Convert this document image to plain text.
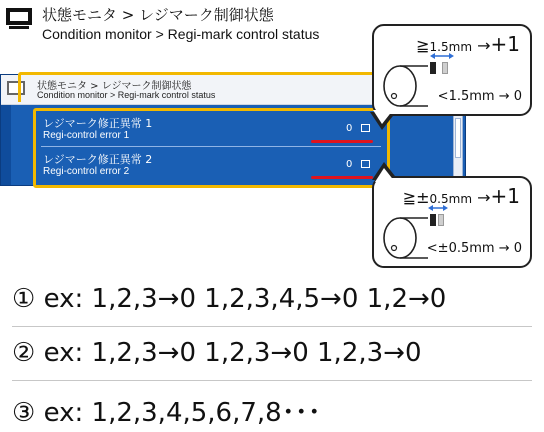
状態モニタ > レジマーク制御状態
Condition monitor > Regi-mark control status
状態モニタ > レジマーク制御状態
Condition monitor > Regi-mark control status
レジマーク修正異常 1
Regi-control error 1
0
レジマーク修正異常 2
Regi-control error 2
0
≧1.5mm →+1
<1.5mm → 0
≧±0.5mm →+1
<±0.5mm → 0
① ex: 1,2,3→0 1,2,3,4,5→0 1,2→0
② ex: 1,2,3→0 1,2,3→0 1,2,3→0
③ ex: 1,2,3,4,5,6,7,8･･･
